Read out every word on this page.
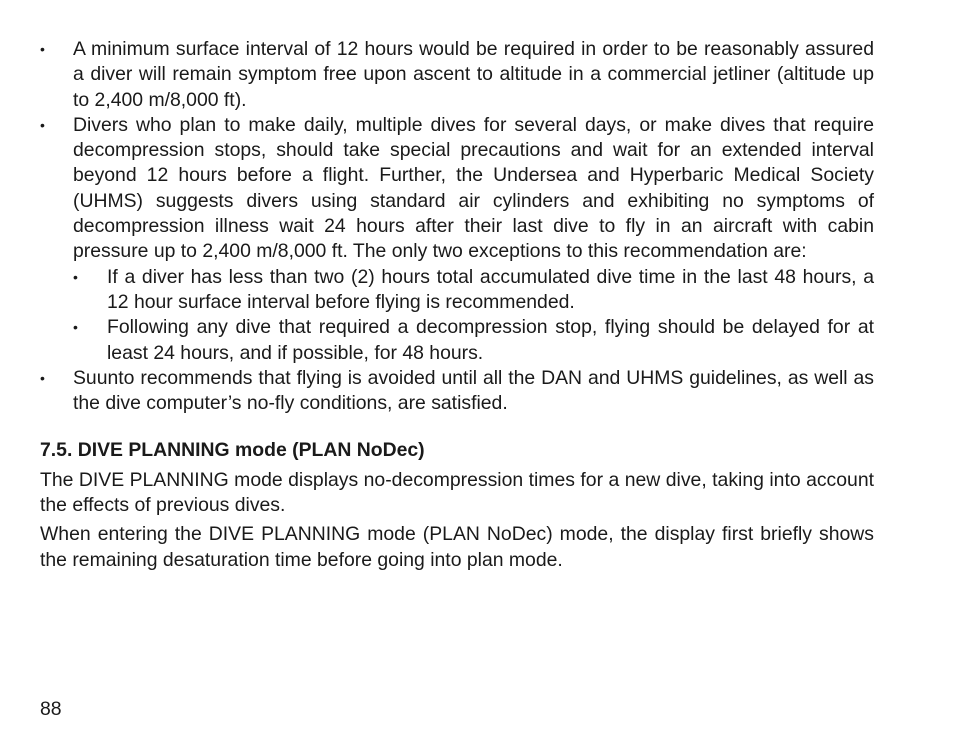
• A minimum surface interval of 12 hours would be required in order to be reasonably assured a diver will remain symptom free upon ascent to altitude in a commercial jetliner (altitude up to 2,400 m/8,000 ft).
• Divers who plan to make daily, multiple dives for several days, or make dives that require decompression stops, should take special precautions and wait for an extended interval beyond 12 hours before a flight. Further, the Undersea and Hyperbaric Medical Society (UHMS) suggests divers using standard air cylinders and exhibiting no symptoms of decompression illness wait 24 hours after their last dive to fly in an aircraft with cabin pressure up to 2,400 m/8,000 ft. The only two exceptions to this recommendation are:
• If a diver has less than two (2) hours total accumulated dive time in the last 48 hours, a 12 hour surface interval before flying is recommended.
• Following any dive that required a decompression stop, flying should be delayed for at least 24 hours, and if possible, for 48 hours.
• Suunto recommends that flying is avoided until all the DAN and UHMS guidelines, as well as the dive computer’s no-fly conditions, are satisfied.
7.5. DIVE PLANNING mode (PLAN NoDec)
The DIVE PLANNING mode displays no-decompression times for a new dive, taking into account the effects of previous dives.
When entering the DIVE PLANNING mode (PLAN NoDec) mode, the display first briefly shows the remaining desaturation time before going into plan mode.
88
